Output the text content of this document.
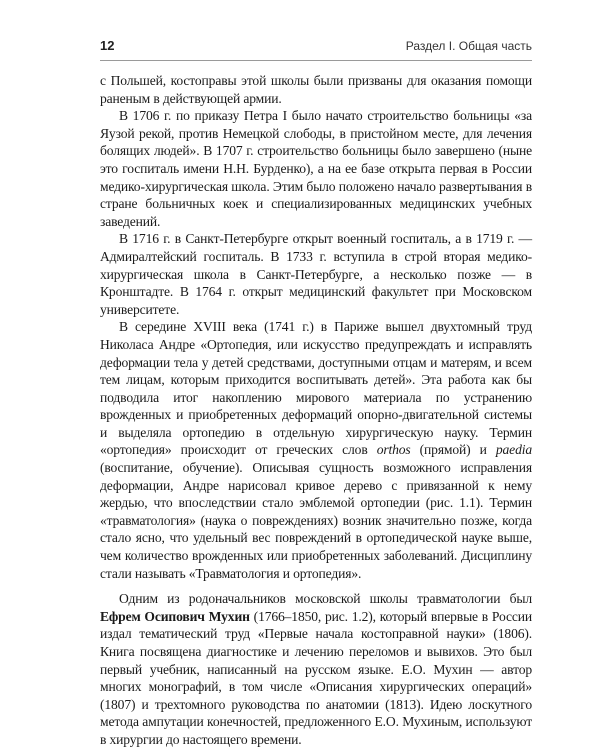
12	Раздел I. Общая часть

с Польшей, костоправы этой школы были призваны для оказания помощи раненым в действующей армии.

В 1706 г. по приказу Петра I было начато строительство больницы «за Яузой рекой, против Немецкой слободы, в пристойном месте, для лечения болящих людей». В 1707 г. строительство больницы было завершено (ныне это госпиталь имени Н.Н. Бурденко), а на ее базе открыта первая в России медико-хирургическая школа. Этим было положено начало развертывания в стране больничных коек и специализированных медицинских учебных заведений.

В 1716 г. в Санкт-Петербурге открыт военный госпиталь, а в 1719 г. — Адмиралтейский госпиталь. В 1733 г. вступила в строй вторая медико-хирургическая школа в Санкт-Петербурге, а несколько позже — в Кронштадте. В 1764 г. открыт медицинский факультет при Московском университете.

В середине XVIII века (1741 г.) в Париже вышел двухтомный труд Николаса Андре «Ортопедия, или искусство предупреждать и исправлять деформации тела у детей средствами, доступными отцам и матерям, и всем тем лицам, которым приходится воспитывать детей». Эта работа как бы подводила итог накоплению мирового материала по устранению врожденных и приобретенных деформаций опорно-двигательной системы и выделяла ортопедию в отдельную хирургическую науку. Термин «ортопедия» происходит от греческих слов orthos (прямой) и paedia (воспитание, обучение). Описывая сущность возможного исправления деформации, Андре нарисовал кривое дерево с привязанной к нему жердью, что впоследствии стало эмблемой ортопедии (рис. 1.1). Термин «травматология» (наука о повреждениях) возник значительно позже, когда стало ясно, что удельный вес повреждений в ортопедической науке выше, чем количество врожденных или приобретенных заболеваний. Дисциплину стали называть «Травматология и ортопедия».

Одним из родоначальников московской школы травматологии был Ефрем Осипович Мухин (1766–1850, рис. 1.2), который впервые в России издал тематический труд «Первые начала костоправной науки» (1806). Книга посвящена диагностике и лечению переломов и вывихов. Это был первый учебник, написанный на русском языке. Е.О. Мухин — автор многих монографий, в том числе «Описания хирургических операций» (1807) и трехтомного руководства по анатомии (1813). Идею лоскутного метода ампутации конечностей, предложенного Е.О. Мухиным, используют в хирургии до настоящего времени.
